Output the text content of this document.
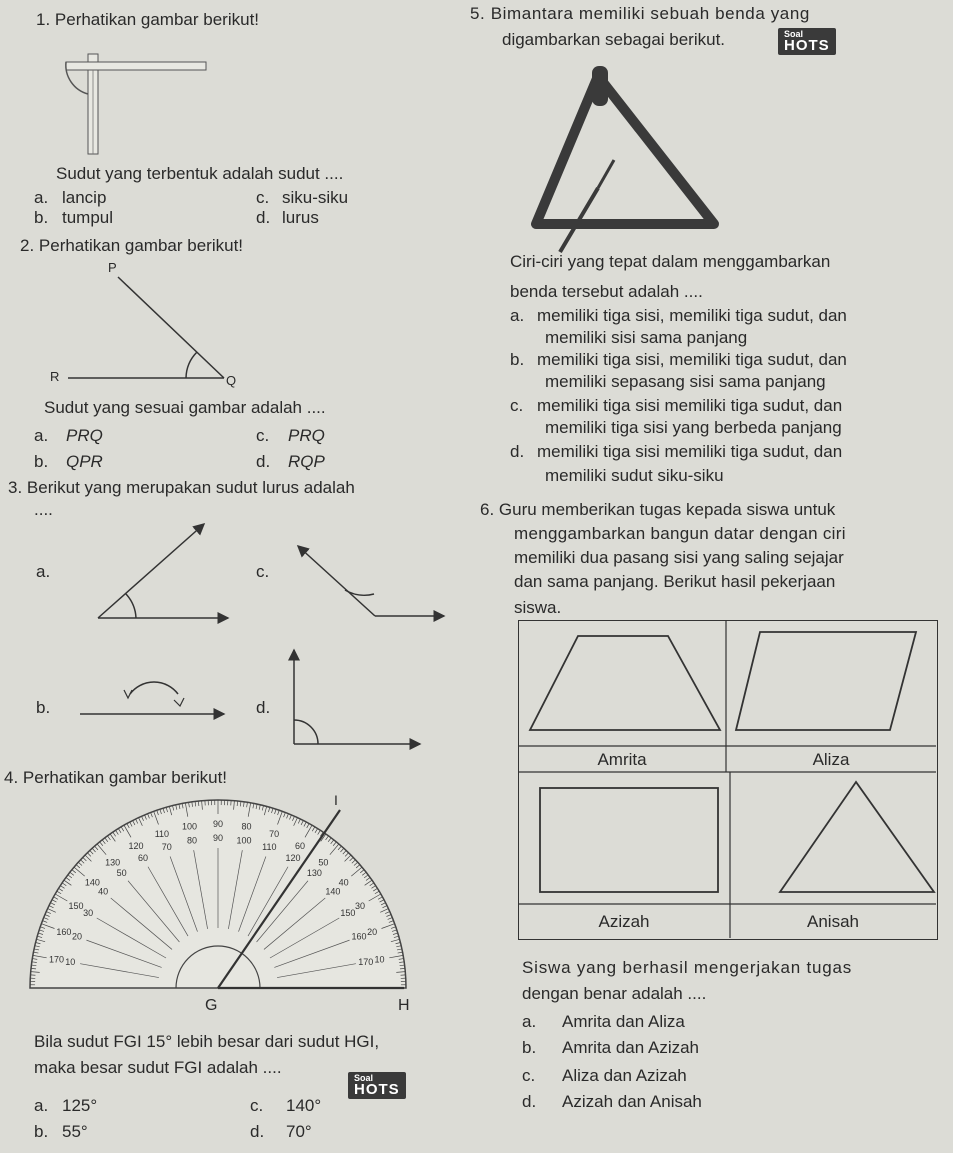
1. Perhatikan gambar berikut!
Sudut yang terbentuk adalah sudut ....
a. lancip
b. tumpul
c. siku-siku
d. lurus
2. Perhatikan gambar berikut!
P
R	Q
Sudut yang sesuai gambar adalah ....
a. PRQ
b. QPR
c. PRQ
d. RQP
3. Berikut yang merupakan sudut lurus adalah
....
a.	c.
b.	d.
4. Perhatikan gambar berikut!
10
10
20
20
30
30
40
40
50
50
60
60
70
70
80
80
90
90
100
100
110
110
120
120
130
130
140
140
150
150
160	160
170	170
G	H
I
Bila sudut FGI 15° lebih besar dari sudut HGI,
maka besar sudut FGI adalah ....
Soal
HOTS
a. 125°
b. 55°
c. 140°
d. 70°
5. Bimantara memiliki sebuah benda yang
digambarkan sebagai berikut.	Soal
HOTS
Ciri-ciri yang tepat dalam menggambarkan
benda tersebut adalah ....
a. memiliki tiga sisi, memiliki tiga sudut, dan
memiliki sisi sama panjang
b. memiliki tiga sisi, memiliki tiga sudut, dan
memiliki sepasang sisi sama panjang
c. memiliki tiga sisi memiliki tiga sudut, dan
memiliki tiga sisi yang berbeda panjang
d. memiliki tiga sisi memiliki tiga sudut, dan
memiliki sudut siku-siku
6. Guru memberikan tugas kepada siswa untuk
menggambarkan bangun datar dengan ciri
memiliki dua pasang sisi yang saling sejajar
dan sama panjang. Berikut hasil pekerjaan
siswa.
Amrita	Aliza
Azizah	Anisah
Siswa yang berhasil mengerjakan tugas
dengan benar adalah ....
a. Amrita dan Aliza
b. Amrita dan Azizah
c. Aliza dan Azizah
d. Azizah dan Anisah
